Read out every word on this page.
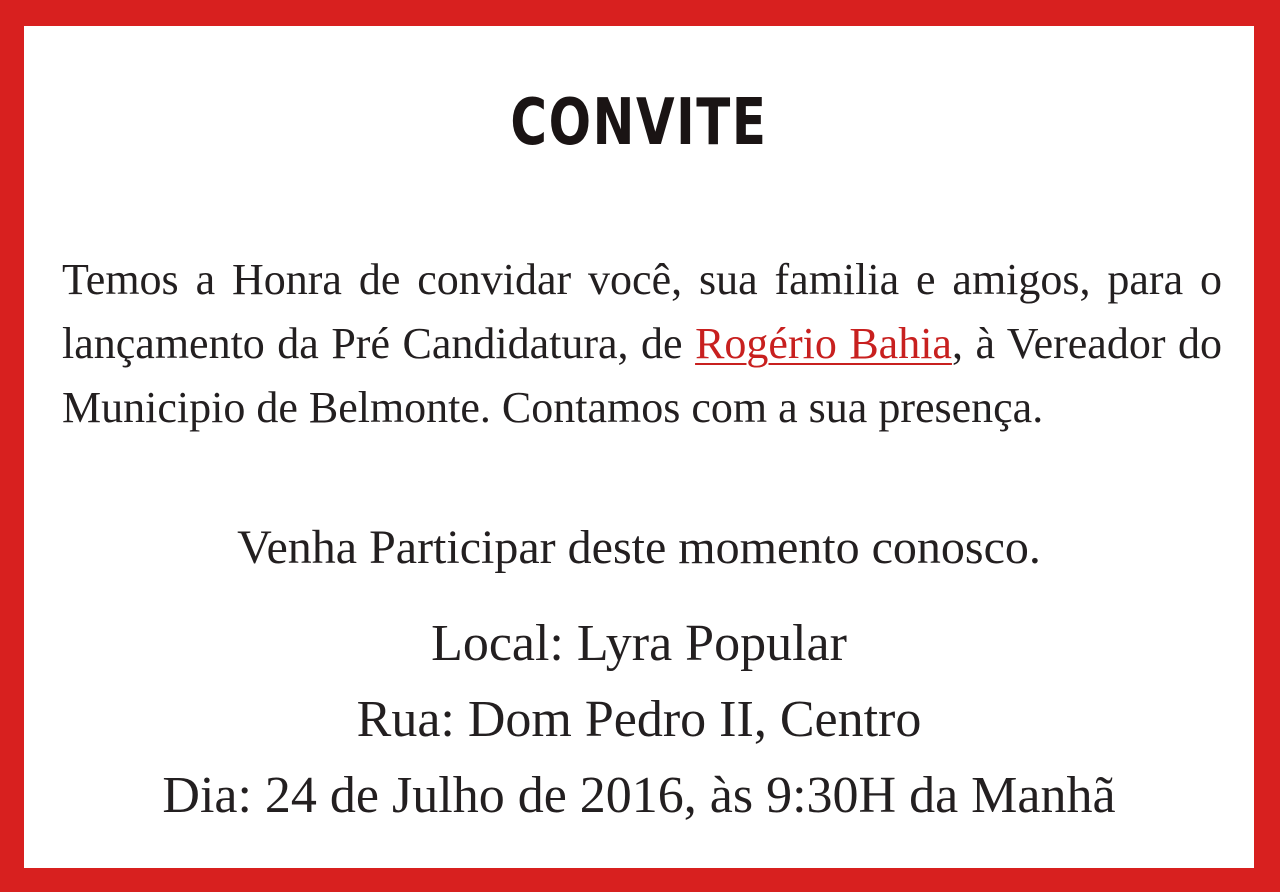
CONVITE

Temos a Honra de convidar você, sua familia e amigos, para o lançamento da Pré Candidatura, de Rogério Bahia, à Vereador do Municipio de Belmonte. Contamos com a sua presença.

Venha Participar deste momento conosco.

Local: Lyra Popular

Rua: Dom Pedro II, Centro

Dia: 24 de Julho de 2016, às 9:30H da Manhã
